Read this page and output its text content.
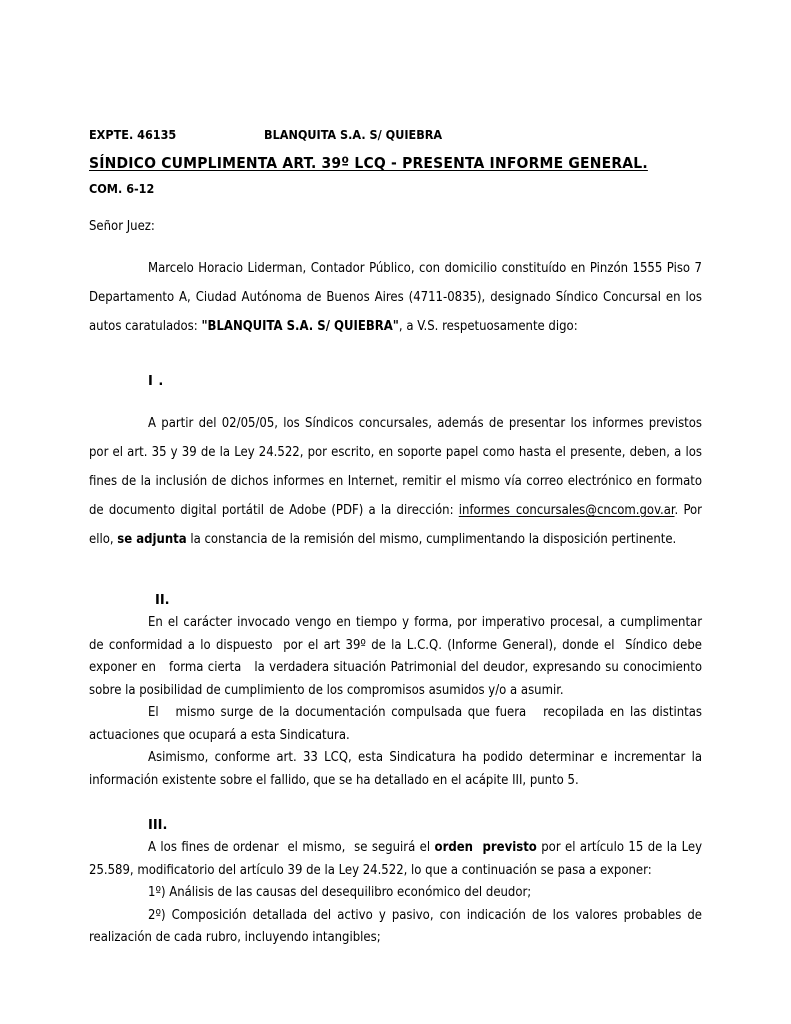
EXPTE. 46135	BLANQUITA S.A. S/ QUIEBRA

COM. 6-12

SÍNDICO CUMPLIMENTA ART. 39º LCQ - PRESENTA INFORME GENERAL.

Señor Juez:

Marcelo Horacio Liderman, Contador Público, con domicilio constituído en Pinzón 1555 Piso 7 Departamento A, Ciudad Autónoma de Buenos Aires (4711-0835), designado Síndico Concursal en los autos caratulados: "BLANQUITA S.A. S/ QUIEBRA", a V.S. respetuosamente digo:

I .

A partir del 02/05/05, los Síndicos concursales, además de presentar los informes previstos por el art. 35 y 39 de la Ley 24.522, por escrito, en soporte papel como hasta el presente, deben, a los fines de la inclusión de dichos informes en Internet, remitir el mismo vía correo electrónico en formato de documento digital portátil de Adobe (PDF) a la dirección: informes_concursales@cncom.gov.ar. Por ello, se adjunta la constancia de la remisión del mismo, cumplimentando la disposición pertinente.

II.

En el carácter invocado vengo en tiempo y forma, por imperativo procesal, a cumplimentar de conformidad a lo dispuesto  por el art 39º de la L.C.Q. (Informe General), donde el  Síndico debe exponer en   forma cierta   la verdadera situación Patrimonial del deudor, expresando su conocimiento sobre la posibilidad de cumplimiento de los compromisos asumidos y/o a asumir.

El   mismo surge de la documentación compulsada que fuera   recopilada en las distintas actuaciones que ocupará a esta Sindicatura.

Asimismo, conforme art. 33 LCQ, esta Sindicatura ha podido determinar e incrementar la información existente sobre el fallido, que se ha detallado en el acápite III, punto 5.

III.

A los fines de ordenar  el mismo,  se seguirá el orden  previsto por el artículo 15 de la Ley 25.589, modificatorio del artículo 39 de la Ley 24.522, lo que a continuación se pasa a exponer:

1º) Análisis de las causas del desequilibro económico del deudor;

2º) Composición detallada del activo y pasivo, con indicación de los valores probables de realización de cada rubro, incluyendo intangibles;
